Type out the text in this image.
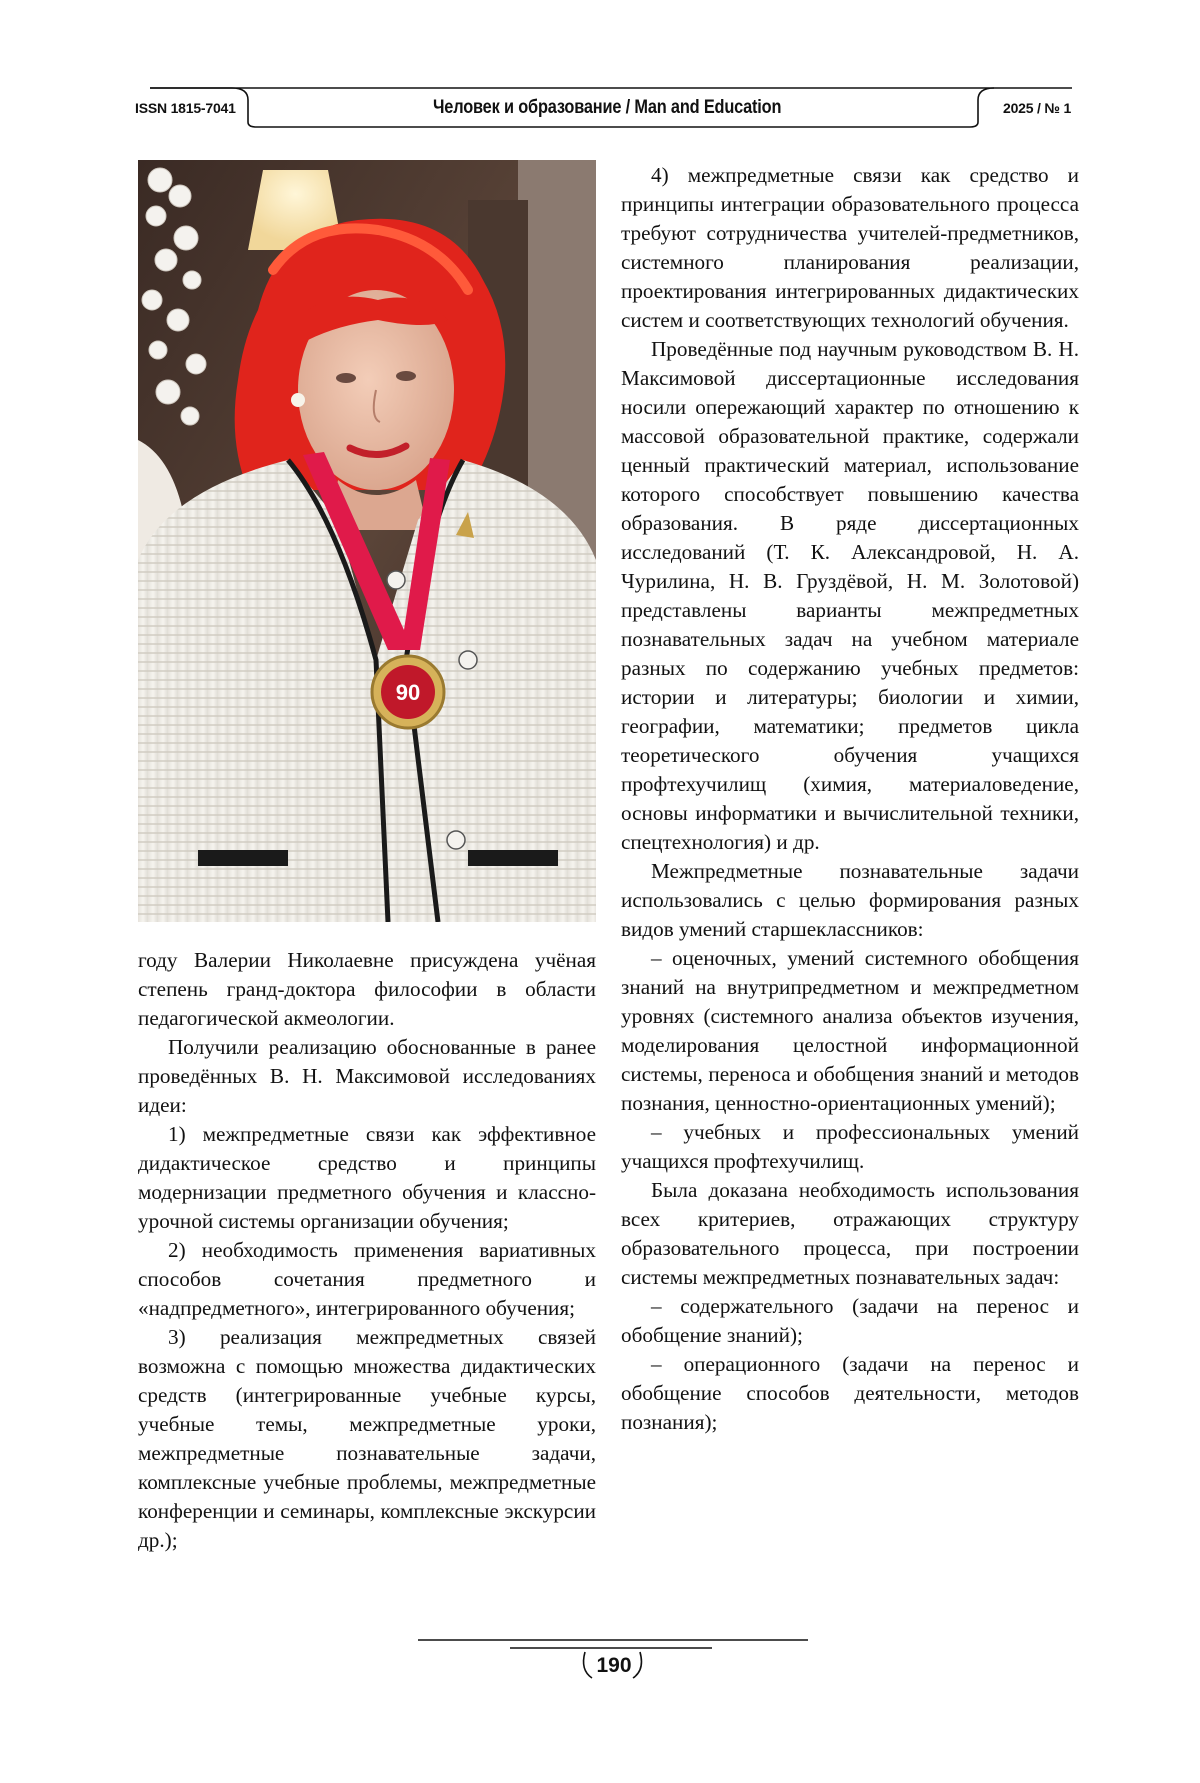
ISSN 1815-7041	Человек и образование / Man and Education	2025 / № 1
90

году Валерии Николаевне присуждена учёная степень гранд-доктора философии в области педагогической акмеологии.

Получили реализацию обоснованные в ранее проведённых В. Н. Максимовой исследованиях идеи:

1) межпредметные связи как эффективное дидактическое средство и принципы модернизации предметного обучения и классно-урочной системы организации обучения;

2) необходимость применения вариативных способов сочетания предметного и «надпредметного», интегрированного обучения;

3) реализация межпредметных связей возможна с помощью множества дидактических средств (интегрированные учебные курсы, учебные темы, межпредметные уроки, межпредметные познавательные задачи, комплексные учебные проблемы, межпредметные конференции и семинары, комплексные экскурсии др.);

4) межпредметные связи как средство и принципы интеграции образовательного процесса требуют сотрудничества учителей-предметников, системного планирования реализации, проектирования интегрированных дидактических систем и соответствующих технологий обучения.

Проведённые под научным руководством В. Н. Максимовой диссертационные исследования носили опережающий характер по отношению к массовой образовательной практике, содержали ценный практический материал, использование которого способствует повышению качества образования. В ряде диссертационных исследований (Т. К. Александровой, Н. А. Чурилина, Н. В. Груздёвой, Н. М. Золотовой) представлены варианты межпредметных познавательных задач на учебном материале разных по содержанию учебных предметов: истории и литературы; биологии и химии, географии, математики; предметов цикла теоретического обучения учащихся профтехучилищ (химия, материаловедение, основы информатики и вычислительной техники, спецтехнология) и др.

Межпредметные познавательные задачи использовались с целью формирования разных видов умений старшеклассников:

– оценочных, умений системного обобщения знаний на внутрипредметном и межпредметном уровнях (системного анализа объектов изучения, моделирования целостной информационной системы, переноса и обобщения знаний и методов познания, ценностно-ориентационных умений);

– учебных и профессиональных умений учащихся профтехучилищ.

Была доказана необходимость использования всех критериев, отражающих структуру образовательного процесса, при построении системы межпредметных познавательных задач:

– содержательного (задачи на перенос и обобщение знаний);

– операционного (задачи на перенос и обобщение способов деятельности, методов познания);

190
